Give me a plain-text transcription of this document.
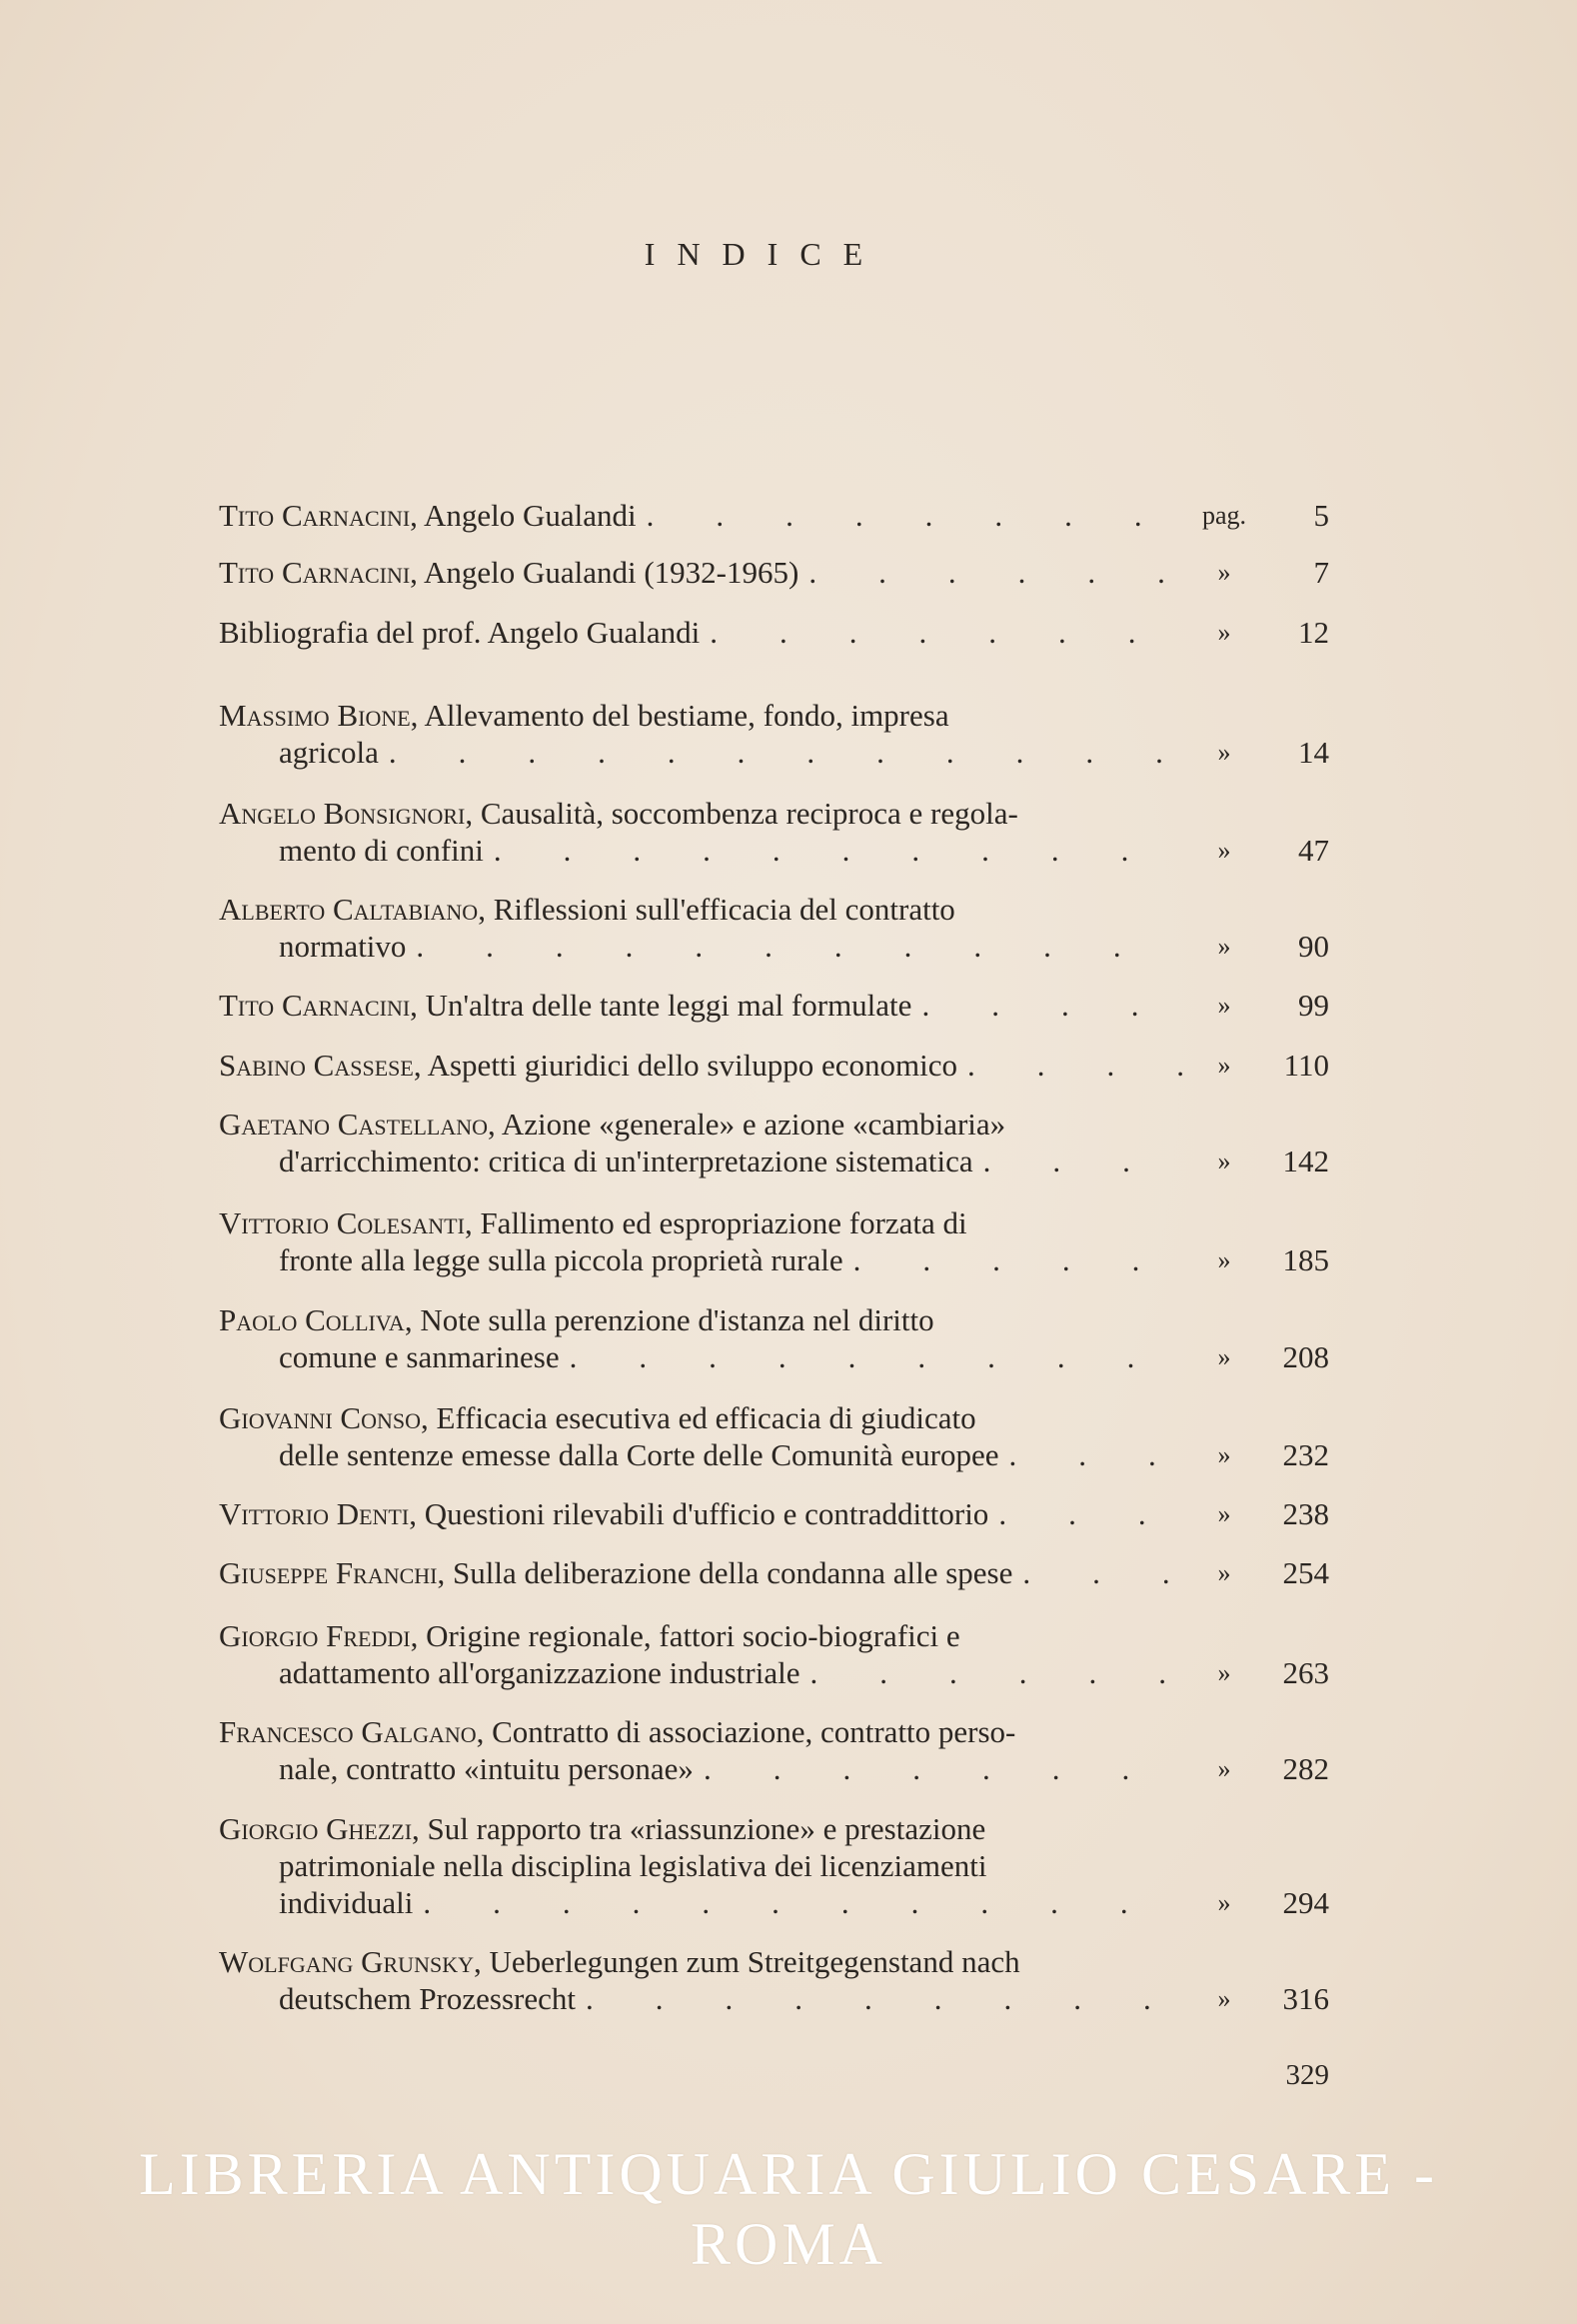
INDICE
Tito Carnacini, Angelo Gualandi .	pag.	5
Tito Carnacini, Angelo Gualandi (1932-1965) .	»	7
Bibliografia del prof. Angelo Gualandi .	»	12
Massimo Bione, Allevamento del bestiame, fondo, impresa
agricola .	»	14
Angelo Bonsignori, Causalità, soccombenza reciproca e regola-
mento di confini .	»	47
Alberto Caltabiano, Riflessioni sull'efficacia del contratto
normativo .	»	90
Tito Carnacini, Un'altra delle tante leggi mal formulate .	»	99
Sabino Cassese, Aspetti giuridici dello sviluppo economico .	»	110
Gaetano Castellano, Azione «generale» e azione «cambiaria»
d'arricchimento: critica di un'interpretazione sistematica .	»	142
Vittorio Colesanti, Fallimento ed espropriazione forzata di
fronte alla legge sulla piccola proprietà rurale .	»	185
Paolo Colliva, Note sulla perenzione d'istanza nel diritto
comune e sanmarinese .	»	208
Giovanni Conso, Efficacia esecutiva ed efficacia di giudicato
delle sentenze emesse dalla Corte delle Comunità europee .	»	232
Vittorio Denti, Questioni rilevabili d'ufficio e contraddittorio .	»	238
Giuseppe Franchi, Sulla deliberazione della condanna alle spese .	»	254
Giorgio Freddi, Origine regionale, fattori socio-biografici e
adattamento all'organizzazione industriale .	»	263
Francesco Galgano, Contratto di associazione, contratto perso-
nale, contratto «intuitu personae» .	»	282
Giorgio Ghezzi, Sul rapporto tra «riassunzione» e prestazione
patrimoniale nella disciplina legislativa dei licenziamenti
individuali .	»	294
Wolfgang Grunsky, Ueberlegungen zum Streitgegenstand nach
deutschem Prozessrecht .	»	316
329
LIBRERIA ANTIQUARIA GIULIO CESARE - ROMA
